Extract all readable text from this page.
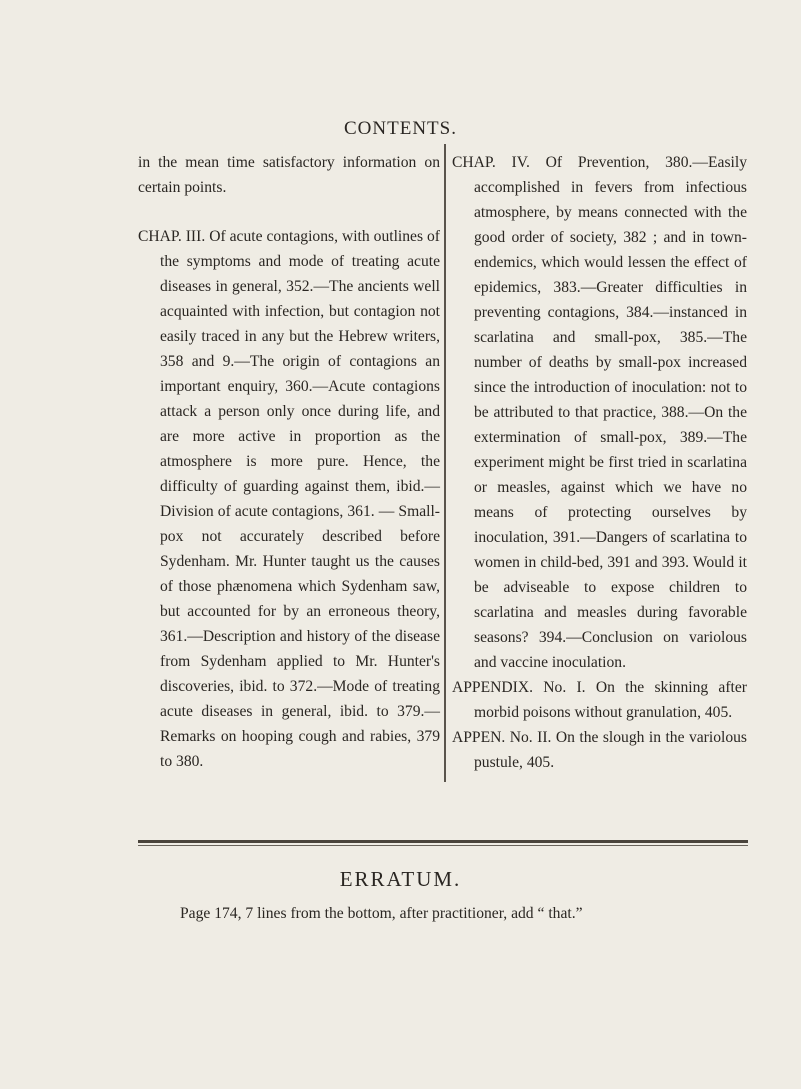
CONTENTS.

in the mean time satisfactory information on certain points.

CHAP. III. Of acute contagions, with outlines of the symptoms and mode of treating acute diseases in general, 352.—The ancients well acquainted with infection, but contagion not easily traced in any but the Hebrew writers, 358 and 9.—The origin of contagions an important enquiry, 360.—Acute contagions attack a person only once during life, and are more active in proportion as the atmosphere is more pure. Hence, the difficulty of guarding against them, ibid.—Division of acute contagions, 361. — Small-pox not accurately described before Sydenham. Mr. Hunter taught us the causes of those phænomena which Sydenham saw, but accounted for by an erroneous theory, 361.—Description and history of the disease from Sydenham applied to Mr. Hunter's discoveries, ibid. to 372.—Mode of treating acute diseases in general, ibid. to 379.—Remarks on hooping cough and rabies, 379 to 380.

CHAP. IV. Of Prevention, 380.—Easily accomplished in fevers from infectious atmosphere, by means connected with the good order of society, 382 ; and in town-endemics, which would lessen the effect of epidemics, 383.—Greater difficulties in preventing contagions, 384.—instanced in scarlatina and small-pox, 385.—The number of deaths by small-pox increased since the introduction of inoculation: not to be attributed to that practice, 388.—On the extermination of small-pox, 389.—The experiment might be first tried in scarlatina or measles, against which we have no means of protecting ourselves by inoculation, 391.—Dangers of scarlatina to women in child-bed, 391 and 393. Would it be adviseable to expose children to scarlatina and measles during favorable seasons? 394.—Conclusion on variolous and vaccine inoculation.

APPENDIX. No. I. On the skinning after morbid poisons without granulation, 405.

APPEN. No. II. On the slough in the variolous pustule, 405.

ERRATUM.
Page 174, 7 lines from the bottom, after practitioner, add “ that.”
